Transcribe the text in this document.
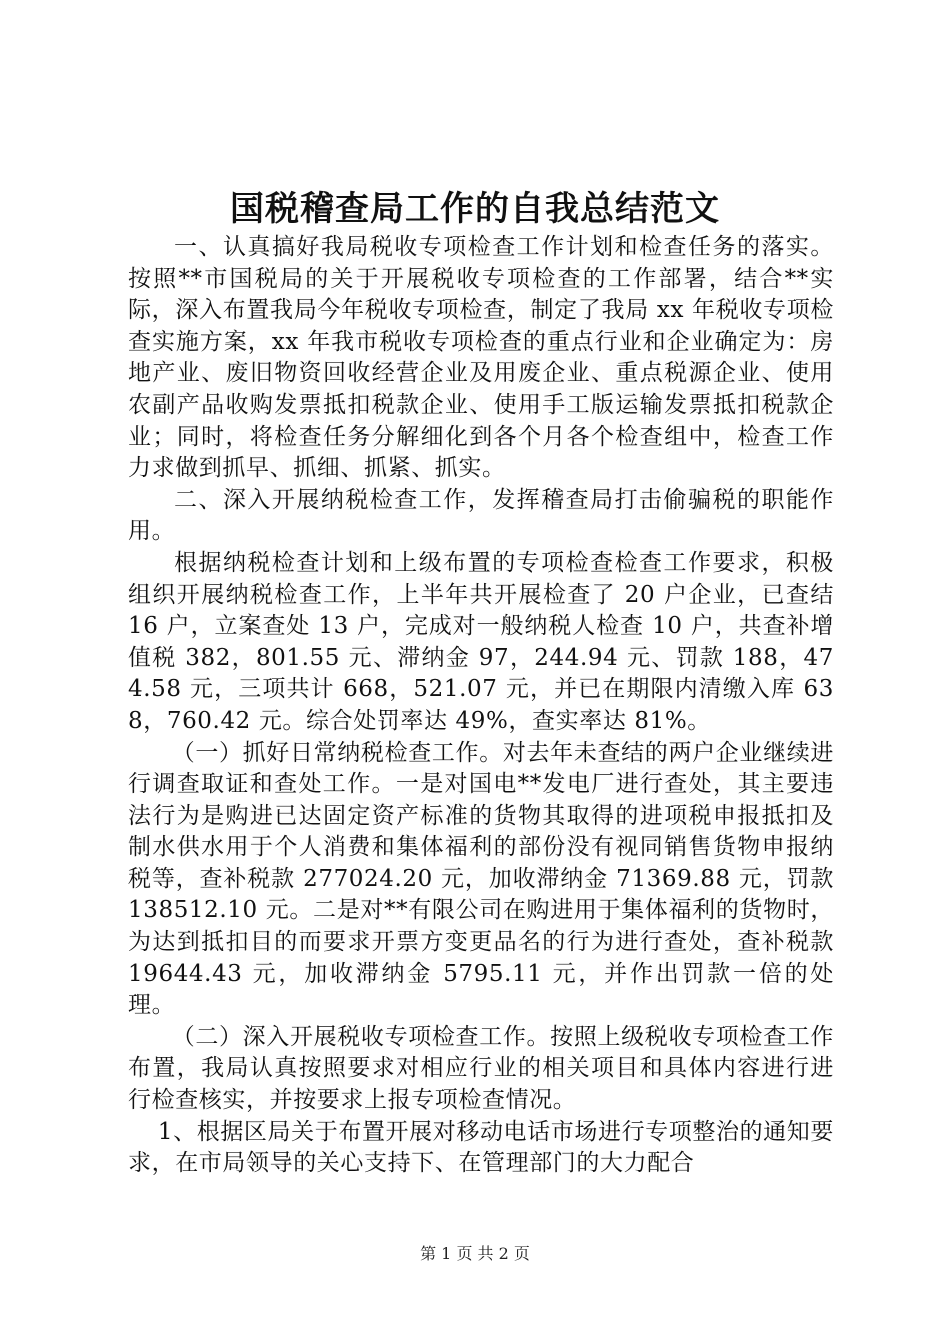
国税稽查局工作的自我总结范文

一、认真搞好我局税收专项检查工作计划和检查任务的落实。按照**市国税局的关于开展税收专项检查的工作部署，结合**实际，深入布置我局今年税收专项检查，制定了我局 xx 年税收专项检查实施方案，xx 年我市税收专项检查的重点行业和企业确定为：房地产业、废旧物资回收经营企业及用废企业、重点税源企业、使用农副产品收购发票抵扣税款企业、使用手工版运输发票抵扣税款企业；同时，将检查任务分解细化到各个月各个检查组中，检查工作力求做到抓早、抓细、抓紧、抓实。

二、深入开展纳税检查工作，发挥稽查局打击偷骗税的职能作用。

根据纳税检查计划和上级布置的专项检查检查工作要求，积极组织开展纳税检查工作，上半年共开展检查了 20 户企业，已查结 16 户，立案查处 13 户，完成对一般纳税人检查 10 户，共查补增值税 382，801.55 元、滞纳金 97，244.94 元、罚款 188，474.58 元，三项共计 668，521.07 元，并已在期限内清缴入库 638，760.42 元。综合处罚率达 49%，查实率达 81%。

（一）抓好日常纳税检查工作。对去年未查结的两户企业继续进行调查取证和查处工作。一是对国电**发电厂进行查处，其主要违法行为是购进已达固定资产标准的货物其取得的进项税申报抵扣及制水供水用于个人消费和集体福利的部份没有视同销售货物申报纳税等，查补税款 277024.20 元，加收滞纳金 71369.88 元，罚款 138512.10 元。二是对**有限公司在购进用于集体福利的货物时，为达到抵扣目的而要求开票方变更品名的行为进行查处，查补税款 19644.43 元，加收滞纳金 5795.11 元，并作出罚款一倍的处理。

（二）深入开展税收专项检查工作。按照上级税收专项检查工作布置，我局认真按照要求对相应行业的相关项目和具体内容进行进行检查核实，并按要求上报专项检查情况。

1、根据区局关于布置开展对移动电话市场进行专项整治的通知要求，在市局领导的关心支持下、在管理部门的大力配合

第 1 页 共 2 页
